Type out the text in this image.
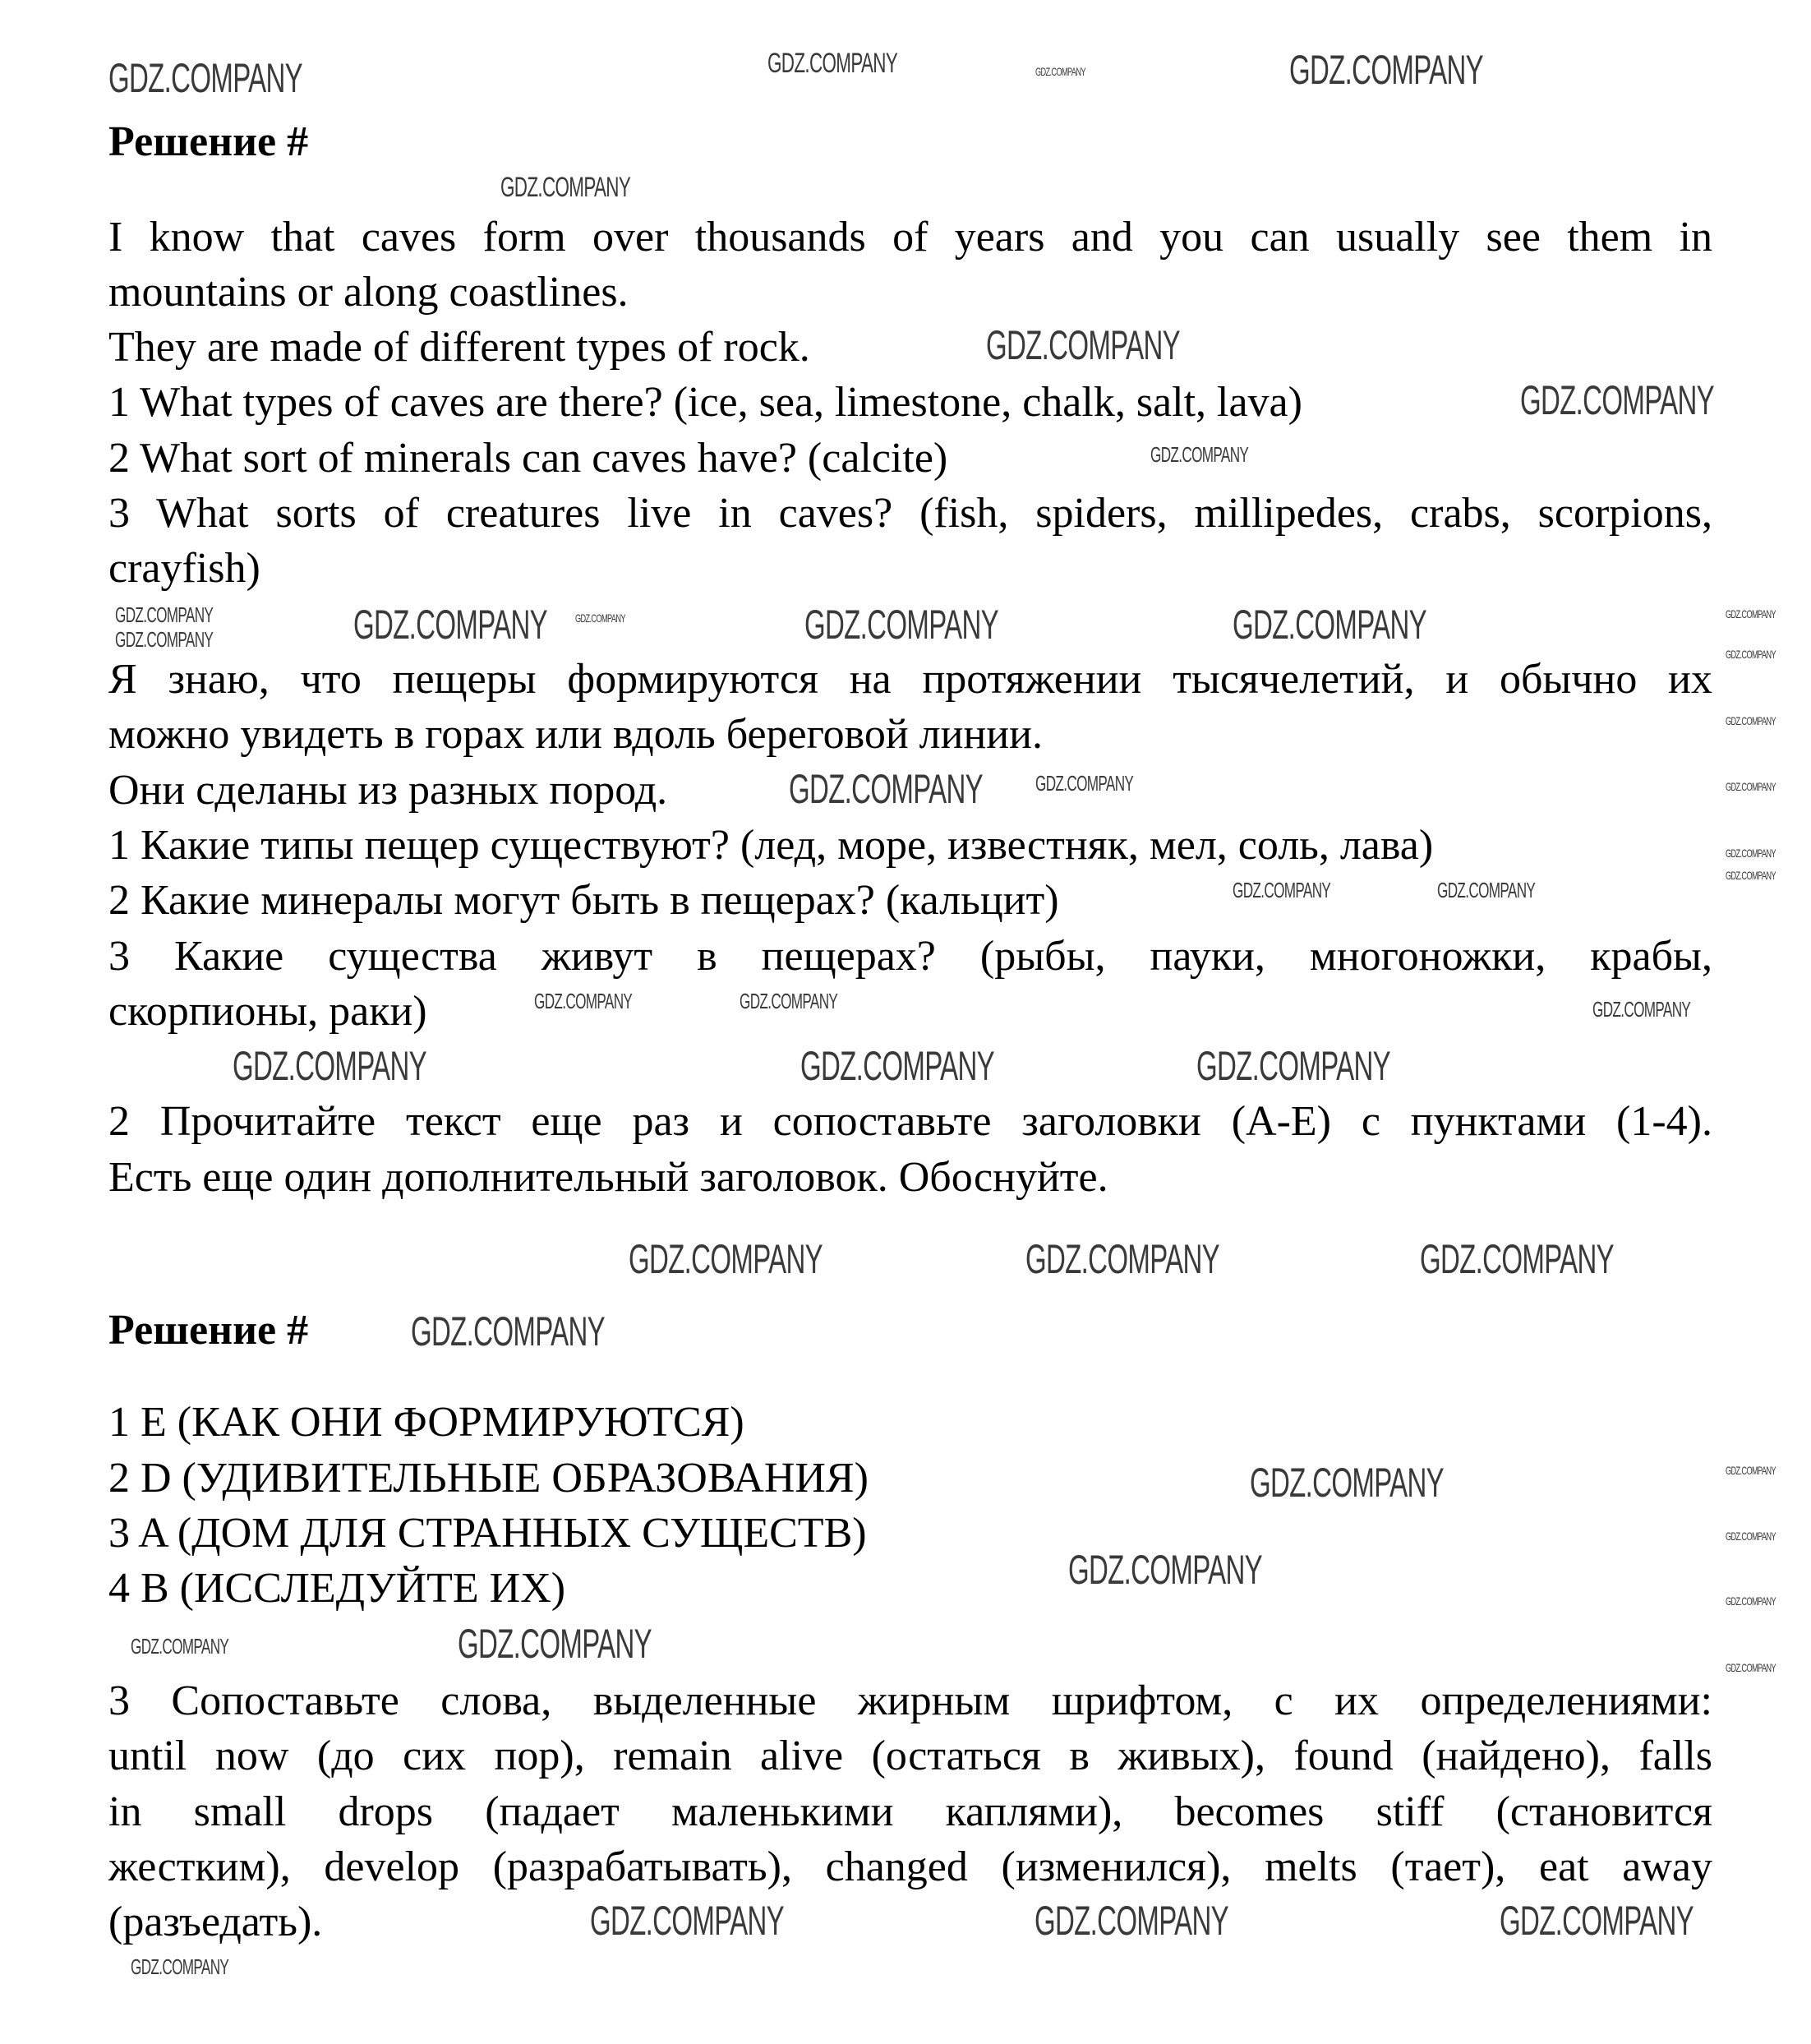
Решение #
I know that caves form over thousands of years and you can usually see them in
mountains or along coastlines.
They are made of different types of rock.
1 What types of caves are there? (ice, sea, limestone, chalk, salt, lava)
2 What sort of minerals can caves have? (calcite)
3 What sorts of creatures live in caves? (fish, spiders, millipedes, crabs, scorpions,
crayfish)
Я знаю, что пещеры формируются на протяжении тысячелетий, и обычно их
можно увидеть в горах или вдоль береговой линии.
Они сделаны из разных пород.
1 Какие типы пещер существуют? (лед, море, известняк, мел, соль, лава)
2 Какие минералы могут быть в пещерах? (кальцит)
3 Какие существа живут в пещерах? (рыбы, пауки, многоножки, крабы,
скорпионы, раки)
2 Прочитайте текст еще раз и сопоставьте заголовки (A-E) с пунктами (1-4).
Есть еще один дополнительный заголовок. Обоснуйте.
Решение #
1 E (КАК ОНИ ФОРМИРУЮТСЯ)
2 D (УДИВИТЕЛЬНЫЕ ОБРАЗОВАНИЯ)
3 A (ДОМ ДЛЯ СТРАННЫХ СУЩЕСТВ)
4 B (ИССЛЕДУЙТЕ ИХ)
3 Сопоставьте слова, выделенные жирным шрифтом, с их определениями:
until now (до сих пор), remain alive (остаться в живых), found (найдено), falls
in small drops (падает маленькими каплями), becomes stiff (становится
жестким), develop (разрабатывать), changed (изменился), melts (тает), eat away
(разъедать).
GDZ.COMPANY	GDZ.COMPANY	GDZ.COMPANY
GDZ.COMPANY
GDZ.COMPANY
GDZ.COMPANY
GDZ.COMPANY
GDZ.COMPANY
GDZ.COMPANY
GDZ.COMPANY
GDZ.COMPANY	GDZ.COMPANY	GDZ.COMPANY	GDZ.COMPANY
GDZ.COMPANY
GDZ.COMPANY
GDZ.COMPANY
GDZ.COMPANY
GDZ.COMPANY
GDZ.COMPANY
GDZ.COMPANY	GDZ.COMPANY
GDZ.COMPANY	GDZ.COMPANY
GDZ.COMPANY
GDZ.COMPANY
GDZ.COMPANY
GDZ.COMPANY	GDZ.COMPANY
GDZ.COMPANY
GDZ.COMPANY	GDZ.COMPANY	GDZ.COMPANY
GDZ.COMPANY
GDZ.COMPANY	GDZ.COMPANY
GDZ.COMPANY
GDZ.COMPANY
GDZ.COMPANY
GDZ.COMPANY
GDZ.COMPANY
GDZ.COMPANY
GDZ.COMPANY
GDZ.COMPANY	GDZ.COMPANY	GDZ.COMPANY
